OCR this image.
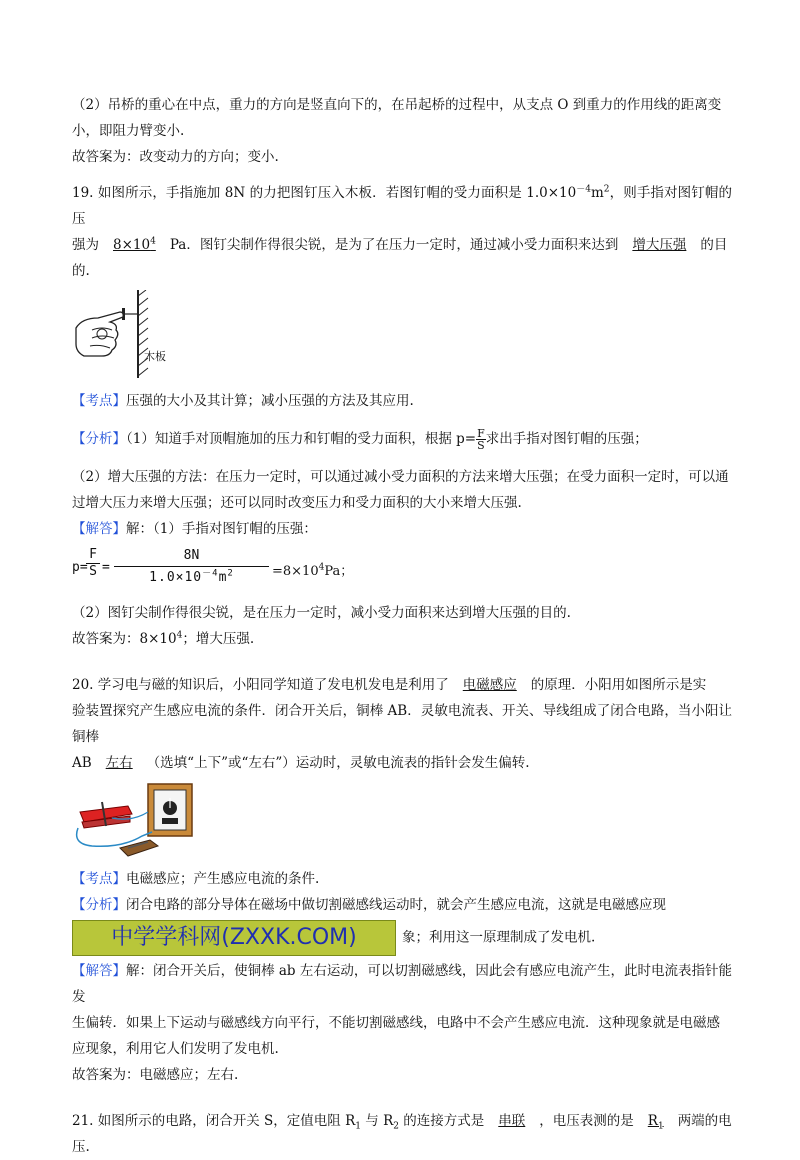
（2）吊桥的重心在中点，重力的方向是竖直向下的，在吊起桥的过程中，从支点 O 到重力的作用线的距离变

小，即阻力臂变小.

故答案为：改变动力的方向；变小.

19. 如图所示，手指施加 8N 的力把图钉压入木板．若图钉帽的受力面积是 $1.0\times 10^{-4}m^2$，则手指对图钉帽的压

强为 $8\times 10^4$ Pa．图钉尖制作得很尖锐，是为了在压力一定时，通过减小受力面积来达到 增大压强 的目

的.

木板

【考点】压强的大小及其计算；减小压强的方法及其应用.

【分析】（1）知道手对顶帽施加的压力和钉帽的受力面积，根据 $p= \frac{F}{S}$ 求出手指对图钉帽的压强；

（2）增大压强的方法：在压力一定时，可以通过减小受力面积的方法来增大压强；在受力面积一定时，可以通

过增大压力来增大压强；还可以同时改变压力和受力面积的大小来增大压强.

【解答】解：（1）手指对图钉帽的压强：

p=
F
$S = \frac{8N}{1.0\times 10^{-4}m^2} =8\times 10^4Pa$；

（2）图钉尖制作得很尖锐，是在压力一定时，减小受力面积来达到增大压强的目的.

故答案为：$8\times 10^4$；增大压强.

20. 学习电与磁的知识后，小阳同学知道了发电机发电是利用了 电磁感应 的原理．小阳用如图所示是实

验装置探究产生感应电流的条件．闭合开关后，铜棒 AB．灵敏电流表、开关、导线组成了闭合电路，当小阳让铜棒

AB 左右 （选填“上下”或“左右”）运动时，灵敏电流表的指针会发生偏转.

【考点】电磁感应；产生感应电流的条件.

【分析】闭合电路的部分导体在磁场中做切割磁感线运动时，就会产生感应电流，这就是电磁感应现

中学学科网(ZXXK.COM)	象；利用这一原理制成了发电机.

【解答】解：闭合开关后，使铜棒 ab 左右运动，可以切割磁感线，因此会有感应电流产生，此时电流表指针能发

生偏转．如果上下运动与磁感线方向平行，不能切割磁感线，电路中不会产生感应电流．这种现象就是电磁感

应现象，利用它人们发明了发电机.

故答案为：电磁感应；左右.

21. 如图所示的电路，闭合开关 S，定值电阻 $R_1$ 与 $R_2$ 的连接方式是 串联 ，电压表测的是 $R_1$ 两端的电

压.
